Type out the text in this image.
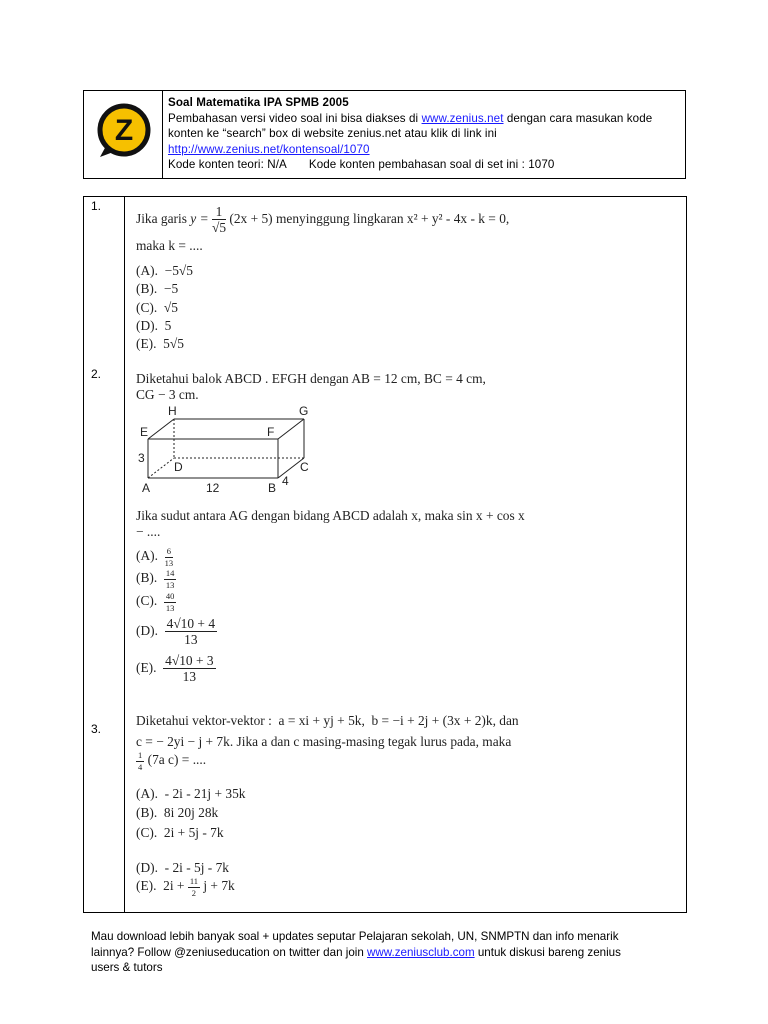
Z
Soal Matematika IPA SPMB 2005
Pembahasan versi video soal ini bisa diakses di www.zenius.net dengan cara masukan kode
konten ke “search” box di website zenius.net atau klik di link ini
http://www.zenius.net/kontensoal/1070
Kode konten teori: N/A Kode konten pembahasan soal di set ini : 1070
1.
Jika garis $y = \frac{1}{√5} (2x + 5)$ menyinggung lingkaran x² + y² - 4x - k = 0,
maka k = ....
(A). −5√5
(B). −5
(C). √5
(D). 5
(E). 5√5
2.	Diketahui balok ABCD . EFGH dengan AB = 12 cm, BC = 4 cm,
CG − 3 cm.
H	G
E	F
D	C
A	B
3
12	4
Jika sudut antara AG dengan bidang ABCD adalah x, maka sin x + cos x
− ....
(A). $\frac{6}{13}$
(B). $\frac{14}{13}$
(C). $\frac{40}{13}$
(D). $\frac{4√10 + 4}{13}$
(E). $\frac{4√10 + 3}{13}$
3.
Diketahui vektor-vektor : a = xi + yj + 5k, b = −i + 2j + (3x + 2)k, dan
c = − 2yi − j + 7k. Jika a dan c masing-masing tegak lurus pada, maka
$\frac{1}{4} (7a$ c) = ....
(A).  - 2i - 21j + 35k
(B).  8i 20j 28k
(C).  2i + 5j - 7k
(D).  - 2i - 5j - 7k
(E).  $2i + \frac{11}{2}$ j + 7k
Mau download lebih banyak soal + updates seputar Pelajaran sekolah, UN, SNMPTN dan info menarik
lainnya? Follow @zeniuseducation on twitter dan join www.zeniusclub.com untuk diskusi bareng zenius
users & tutors
